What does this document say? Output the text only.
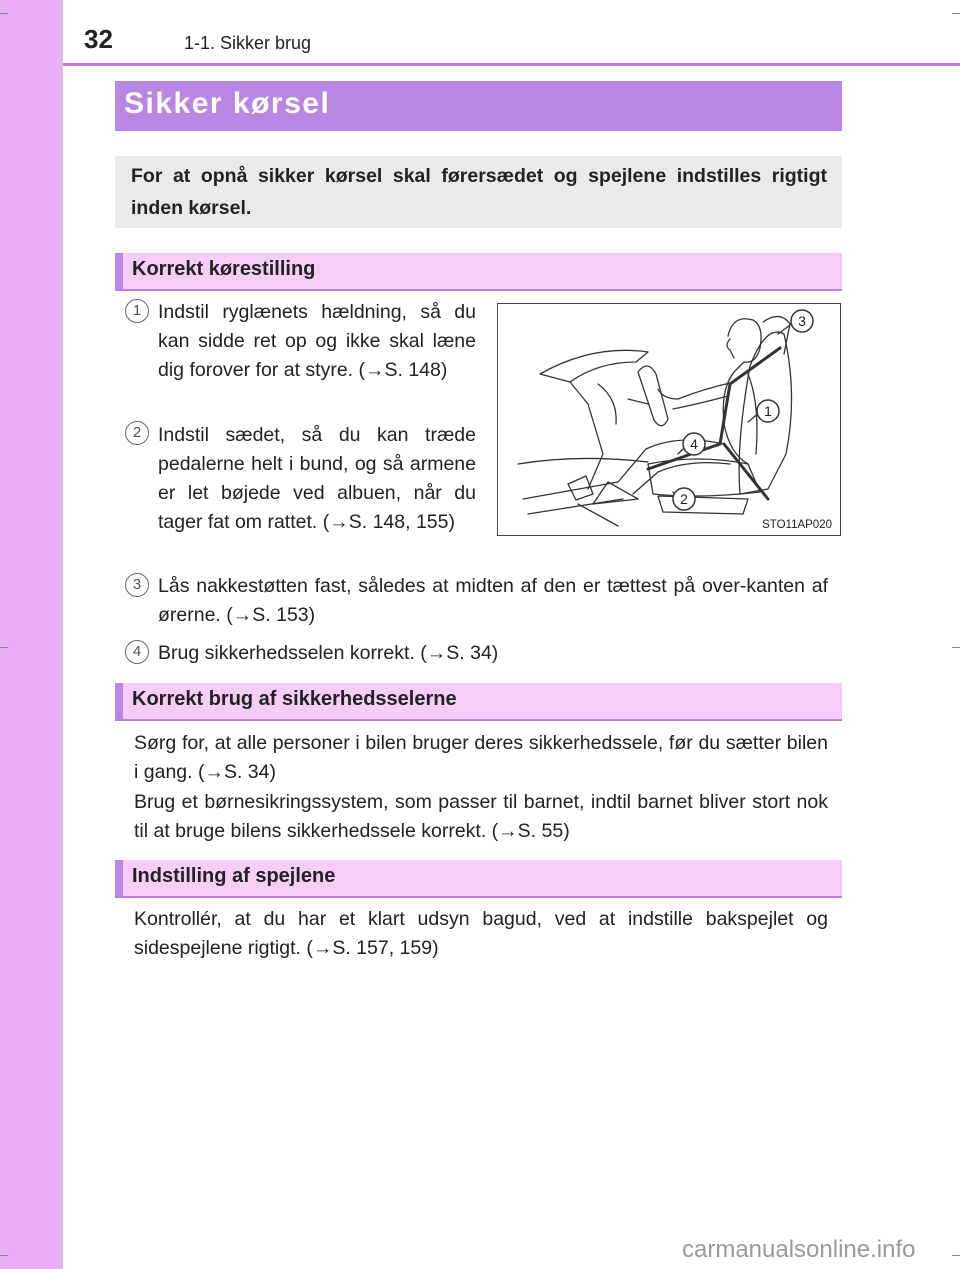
32	1-1. Sikker brug
Sikker kørsel
For at opnå sikker kørsel skal førersædet og spejlene indstilles rigtigt inden kørsel.
Korrekt kørestilling
1 Indstil ryglænets hældning, så du kan sidde ret op og ikke skal læne dig forover for at styre. (→S. 148)
2 Indstil sædet, så du kan træde pedalerne helt i bund, og så armene er let bøjede ved albuen, når du tager fat om rattet. (→S. 148, 155)
3 Lås nakkestøtten fast, således at midten af den er tættest på over-kanten af ørerne. (→S. 153)
4 Brug sikkerhedsselen korrekt. (→S. 34)
3
1
4
2
STO11AP020
Korrekt brug af sikkerhedsselerne
Sørg for, at alle personer i bilen bruger deres sikkerhedssele, før du sætter bilen i gang. (→S. 34)
Brug et børnesikringssystem, som passer til barnet, indtil barnet bliver stort nok til at bruge bilens sikkerhedssele korrekt. (→S. 55)
Indstilling af spejlene
Kontrollér, at du har et klart udsyn bagud, ved at indstille bakspejlet og sidespejlene rigtigt. (→S. 157, 159)
carmanualsonline.info
